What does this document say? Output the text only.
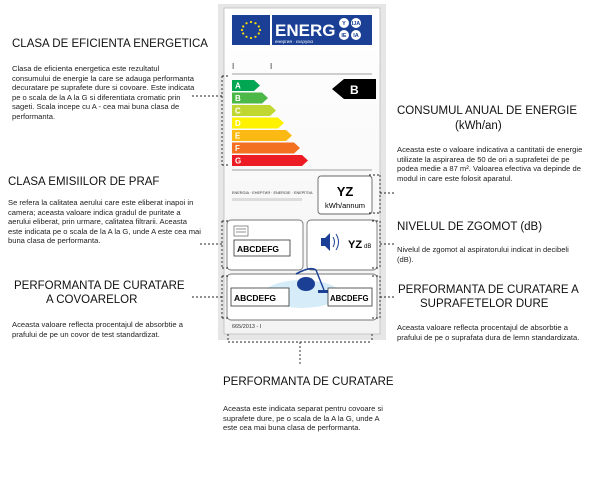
ENERG Y IJA
IE IA
енергия · ενεργεια
I	I
A
B
C
D
E
F
G
B
ENERGIA · ЕНЕРГИЯ · ENERGIE · ΕΝΕΡΓΕΙΑ YZ
kWh/annum
ABCDEFG	YZ dB
ABCDEFG	ABCDEFG
665/2013 - I
CLASA DE EFICIENTA ENERGETICA
Clasa de eficienta energetica este rezultatul consumului de energie la care se adauga performanta decuratare pe suprafete dure si covoare. Este indicata pe o scala de la A la G si diferentiata cromatic prin sageti. Scala incepe cu A - cea mai buna clasa de performanta.	CONSUMUL ANUAL DE ENERGIE
(kWh/an)
Aceasta este o valoare indicativa a cantitatii de energie utilizate la aspirarea de 50 de ori a suprafetei de pe podea medie a 87 m². Valoarea efectiva va depinde de modul in care este folosit aparatul.
CLASA EMISIILOR DE PRAF
Se refera la calitatea aerului care este eliberat inapoi in camera; aceasta valoare indica gradul de puritate a aerului eliberat, prin urmare, calitatea filtrarii. Aceasta este indicata pe o scala de la A la G, unde A este cea mai buna clasa de performanta.
NIVELUL DE ZGOMOT (dB)
Nivelul de zgomot al aspiratorului indicat in decibeli (dB).
PERFORMANTA DE CURATARE
A COVOARELOR
Aceasta valoare reflecta procentajul de absorbtie a prafului de pe un covor de test standardizat.
PERFORMANTA DE CURATARE A
SUPRAFETELOR DURE
Aceasta valoare reflecta procentajul de absorbtie a prafului de pe o suprafata dura de lemn standardizata.
PERFORMANTA DE CURATARE
Aceasta este indicata separat pentru covoare si suprafete dure, pe o scala de la A la G, unde A este cea mai buna clasa de performanta.
